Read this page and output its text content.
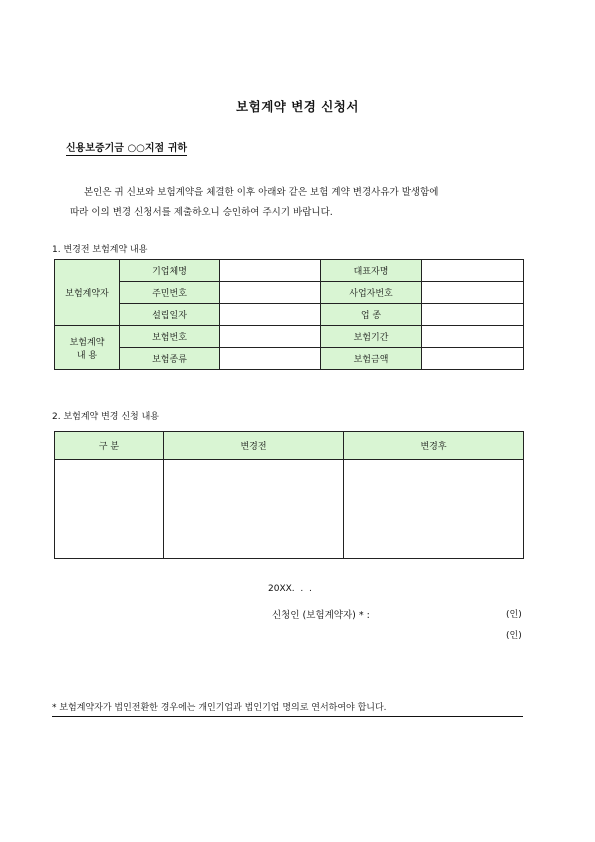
보험계약 변경 신청서
신용보증기금 ○○지점 귀하
본인은 귀 신보와 보험계약을 체결한 이후 아래와 같은 보험 계약 변경사유가 발생함에
따라 이의 변경 신청서를 제출하오니 승인하여 주시기 바랍니다.
1. 변경전 보험계약 내용
보험계약자	기업체명		대표자명	
	주민번호		사업자번호	
	설립일자		업 종	

보험계약
내 용	보험번호		보험기간	
	보험종류		보험금액	
2. 보험계약 변경 신청 내용
구 분	변경전	변경후

20XX.  .  .
신청인 (보험계약자) * :	(인)
(인)
* 보험계약자가 법인전환한 경우에는 개인기업과 법인기업 명의로 연서하여야 합니다.
